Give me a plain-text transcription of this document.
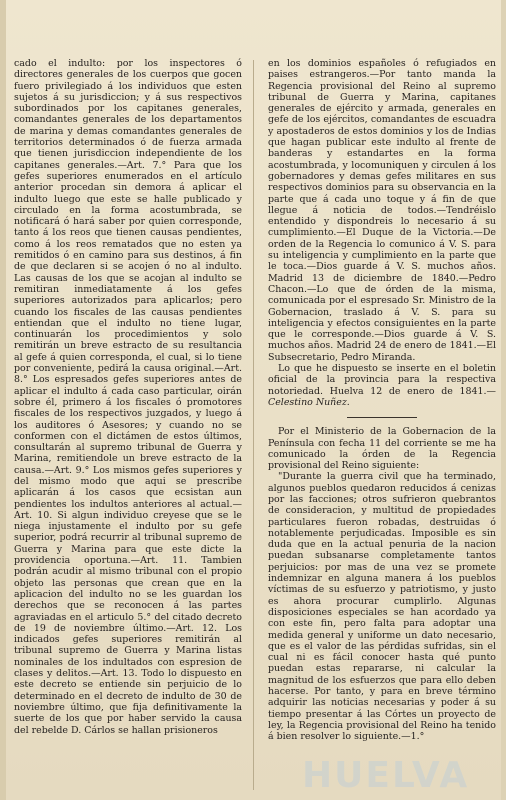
cado el indulto: por los inspectores ó directores generales de los cuerpos que gocen fuero privilegiado á los individuos que esten sujetos á su jurisdiccion; y á sus respectivos subordinados por los capitanes generales, comandantes generales de los departamentos de marina y demas comandantes generales de territorios determinados ó de fuerza armada que tienen jurisdiccion independiente de los capitanes generales.—Art. 7.° Para que los gefes superiores enumerados en el artículo anterior procedan sin demora á aplicar el indulto luego que este se halle publicado y circulado en la forma acostumbrada, se notificará ó hará saber por quien corresponde, tanto á los reos que tienen causas pendientes, como á los reos rematados que no esten ya remitidos ó en camino para sus destinos, á fin de que declaren si se acojen ó no al indulto. Las causas de los que se acojan al indulto se remitiran inmediatamente á los gefes superiores autorizados para aplicarlos; pero cuando los fiscales de las causas pendientes entiendan que el indulto no tiene lugar, continuarán los procedimientos y solo remitirán un breve estracto de su resultancia al gefe á quien corresponda, el cual, si lo tiene por conveniente, pedirá la causa original.—Art. 8.° Los espresados gefes superiores antes de aplicar el indulto á cada caso particular, oirán sobre él, primero á los fiscales ó promotores fiscales de los respectivos juzgados, y luego á los auditores ó Asesores; y cuando no se conformen con el dictámen de estos últimos, consultarán al supremo tribunal de Guerra y Marina, remitiendole un breve estracto de la causa.—Art. 9.° Los mismos gefes superiores y del mismo modo que aqui se prescribe aplicarán á los casos que ecsistan aun pendientes los indultos anteriores al actual.—Art. 10. Si algun individuo creyese que se le niega injustamente el indulto por su gefe superior, podrá recurrir al tribunal supremo de Guerra y Marina para que este dicte la providencia oportuna.—Art. 11. Tambien podrán acudir al mismo tribunal con el propio objeto las personas que crean que en la aplicacion del indulto no se les guardan los derechos que se reconocen á las partes agraviadas en el articulo 5.° del citado decreto de 19 de noviembre último.—Art. 12. Los indicados gefes superiores remitirán al tribunal supremo de Guerra y Marina listas nominales de los indultados con espresion de clases y delitos.—Art. 13. Todo lo dispuesto en este decreto se entiende sin perjuicio de lo determinado en el decreto de indulto de 30 de noviembre último, que fija definitivamente la suerte de los que por haber servido la causa del rebelde D. Cárlos se hallan prisioneros

en los dominios españoles ó refugiados en paises estrangeros.—Por tanto manda la Regencia provisional del Reino al supremo tribunal de Guerra y Marina, capitanes generales de ejército y armada, generales en gefe de los ejércitos, comandantes de escuadra y apostaderos de estos dominios y los de Indias que hagan publicar este indulto al frente de banderas y estandartes en la forma acostumbrada, y locomuniquen y circulen á los gobernadores y demas gefes militares en sus respectivos dominios para su observancia en la parte que á cada uno toque y á fin de que llegue á noticia de todos.—Tendréislo entendido y dispondreis lo necesario á su cumplimiento.—El Duque de la Victoria.—De orden de la Regencia lo comunico á V. S. para su inteligencia y cumplimiento en la parte que le toca.—Dios guarde á V. S. muchos años. Madrid 13 de diciembre de 1840.—Pedro Chacon.—Lo que de órden de la misma, comunicada por el espresado Sr. Ministro de la Gobernacion, traslado á V. S. para su inteligencia y efectos consiguientes en la parte que le corresponde.—Dios guarde á V. S. muchos años. Madrid 24 de enero de 1841.—El Subsecretario, Pedro Miranda.

Lo que he dispuesto se inserte en el boletin oficial de la provincia para la respectiva notoriedad. Huelva 12 de enero de 1841.—Celestino Nuñez.

Por el Ministerio de la Gobernacion de la Península con fecha 11 del corriente se me ha comunicado la órden de la Regencia provisional del Reino siguiente:

"Durante la guerra civil que ha terminado, algunos pueblos quedaron reducidos á cenizas por las facciones; otros sufrieron quebrantos de consideracion, y multitud de propiedades particulares fueron robadas, destruidas ó notablemente perjudicadas. Imposible es sin duda que en la actual penuria de la nacion puedan subsanarse completamente tantos perjuicios: por mas de una vez se promete indemnizar en alguna manera á los pueblos víctimas de su esfuerzo y patriotismo, y justo es ahora procurar cumplirlo. Algunas disposiciones especiales se han acordado ya con este fin, pero falta para adoptar una medida general y uniforme un dato necesario, que es el valor de las pérdidas sufridas, sin el cual ni es fácil conocer hasta qué punto puedan estas repararse, ni calcular la magnitud de los esfuerzos que para ello deben hacerse. Por tanto, y para en breve término adquirir las noticias necesarias y poder á su tiempo presentar á las Córtes un proyecto de ley, la Regencia provisional del Reino ha tenido á bien resolver lo siguiente.—1.°

HUELVA
